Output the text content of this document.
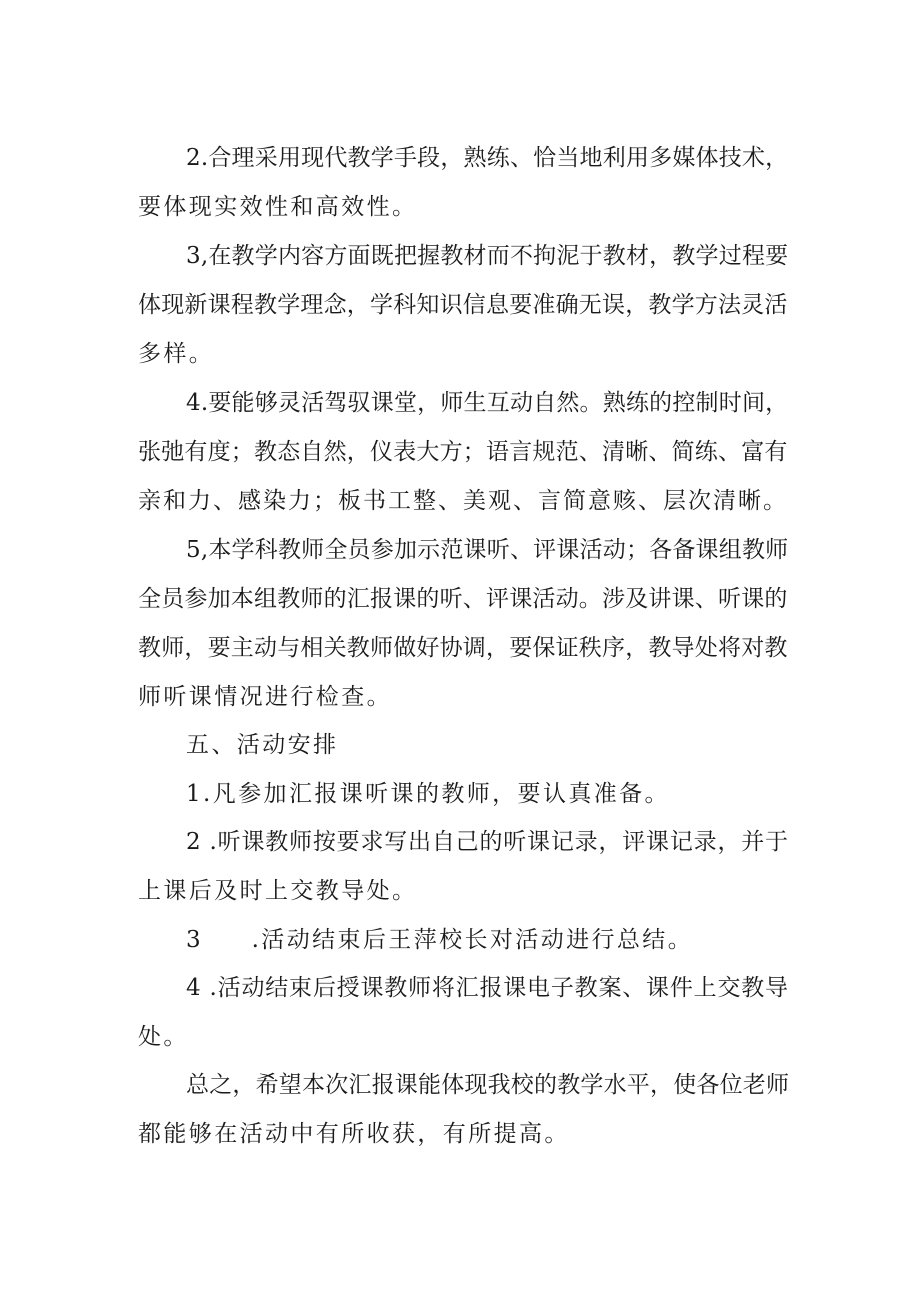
2.合理采用现代教学手段，熟练、恰当地利用多媒体技术，
要体现实效性和高效性。
3,在教学内容方面既把握教材而不拘泥于教材，教学过程要
体现新课程教学理念，学科知识信息要准确无误，教学方法灵活
多样。
4.要能够灵活驾驭课堂，师生互动自然。熟练的控制时间，
张弛有度；教态自然，仪表大方；语言规范、清晰、简练、富有
亲和力、感染力；板书工整、美观、言简意赅、层次清晰。
5,本学科教师全员参加示范课听、评课活动；各备课组教师
全员参加本组教师的汇报课的听、评课活动。涉及讲课、听课的
教师，要主动与相关教师做好协调，要保证秩序，教导处将对教
师听课情况进行检查。
五、活动安排
1.凡参加汇报课听课的教师，要认真准备。
2 .听课教师按要求写出自己的听课记录，评课记录，并于
上课后及时上交教导处。
3     .活动结束后王萍校长对活动进行总结。
4 .活动结束后授课教师将汇报课电子教案、课件上交教导
处。
总之，希望本次汇报课能体现我校的教学水平，使各位老师
都能够在活动中有所收获，有所提高。
